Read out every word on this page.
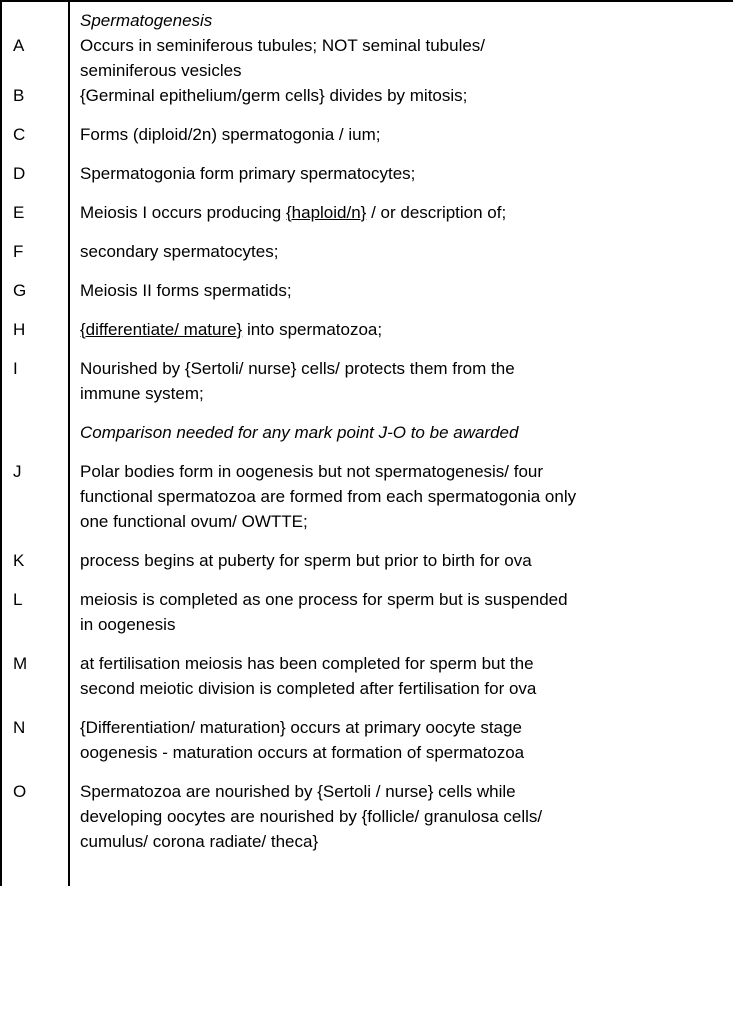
	Spermatogenesis
A	Occurs in seminiferous tubules; NOT seminal tubules/
seminiferous vesicles

B	{Germinal epithelium/germ cells} divides by mitosis;

C	Forms (diploid/2n) spermatogonia / ium;

D	Spermatogonia form primary spermatocytes;

E	Meiosis I occurs producing {haploid/n} / or description of;

F	secondary spermatocytes;

G	Meiosis II forms spermatids;

H	{differentiate/ mature} into spermatozoa;

I	Nourished by {Sertoli/ nurse} cells/ protects them from the
immune system;

	Comparison needed for any mark point J-O to be awarded
J	Polar bodies form in oogenesis but not spermatogenesis/ four
functional spermatozoa are formed from each spermatogonia only
one functional ovum/ OWTTE;

K	process begins at puberty for sperm but prior to birth for ova

L	meiosis is completed as one process for sperm but is suspended
in oogenesis

M	at fertilisation meiosis has been completed for sperm but the
second meiotic division is completed after fertilisation for ova

N	{Differentiation/ maturation} occurs at primary oocyte stage
oogenesis - maturation occurs at formation of spermatozoa

O	Spermatozoa are nourished by {Sertoli / nurse} cells while
developing oocytes are nourished by {follicle/ granulosa cells/
cumulus/ corona radiate/ theca}
